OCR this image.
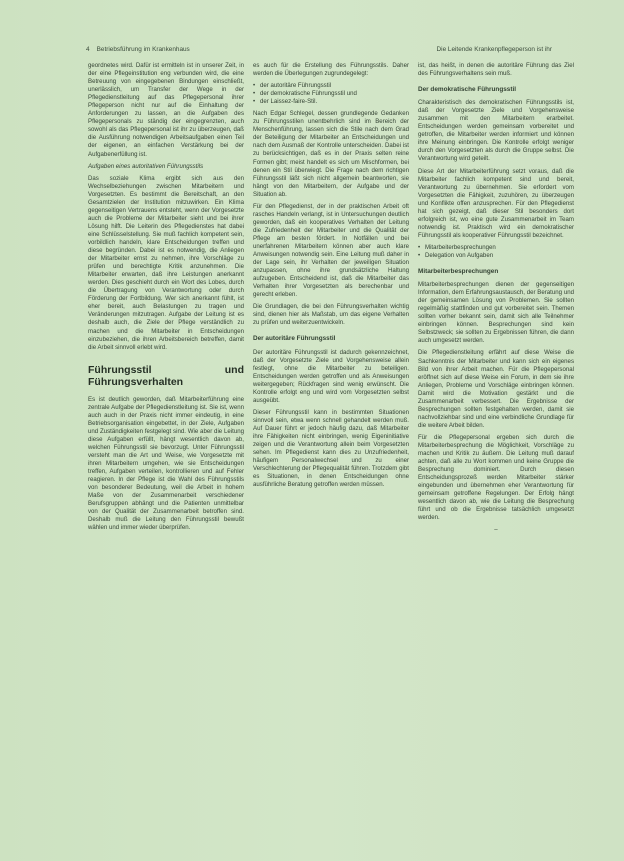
4 Betriebsführung im Krankenhaus	Die Leitende Krankenpflegeperson ist ihr

geordnetes wird. Dafür ist ermitteln ist in unserer Zeit, in der eine Pflegeinstitution eng verbunden wird, die eine Betreuung von eingegebenen Bindungen einschließt, unerlässlich, um Transfer der Wege in der Pflegedienstleitung auf das Pflegepersonal ihrer Pflegeperson nicht nur auf die Einhaltung der Anforderungen zu lassen, an die Aufgaben des Pflegepersonals zu ständig der eingegrenzten, auch sowohl als das Pflegepersonal ist ihr zu überzeugen, daß die Ausführung notwendigen Arbeitsaufgaben einen Teil der eigenen, an einfachen Verstärkung bei der Aufgabenerfüllung ist.

Aufgaben eines autoritativen Führungsstils

Das soziale Klima ergibt sich aus den Wechselbeziehungen zwischen Mitarbeitern und Vorgesetzten. Es bestimmt die Bereitschaft, an den Gesamtzielen der Institution mitzuwirken. Ein Klima gegenseitigen Vertrauens entsteht, wenn der Vorgesetzte auch die Probleme der Mitarbeiter sieht und bei ihrer Lösung hilft. Die Leiterin des Pflegedienstes hat dabei eine Schlüsselstellung. Sie muß fachlich kompetent sein, vorbildlich handeln, klare Entscheidungen treffen und diese begründen. Dabei ist es notwendig, die Anliegen der Mitarbeiter ernst zu nehmen, ihre Vorschläge zu prüfen und berechtigte Kritik anzunehmen. Die Mitarbeiter erwarten, daß ihre Leistungen anerkannt werden. Dies geschieht durch ein Wort des Lobes, durch die Übertragung von Verantwortung oder durch Förderung der Fortbildung. Wer sich anerkannt fühlt, ist eher bereit, auch Belastungen zu tragen und Veränderungen mitzutragen. Aufgabe der Leitung ist es deshalb auch, die Ziele der Pflege verständlich zu machen und die Mitarbeiter in Entscheidungen einzubeziehen, die ihren Arbeitsbereich betreffen, damit die Arbeit sinnvoll erlebt wird.

Führungsstil und Führungsverhalten

Es ist deutlich geworden, daß Mitarbeiterführung eine zentrale Aufgabe der Pflegedienstleitung ist. Sie ist, wenn auch auch in der Praxis nicht immer eindeutig, in eine Betriebsorganisation eingebettet, in der Ziele, Aufgaben und Zuständigkeiten festgelegt sind. Wie aber die Leitung diese Aufgaben erfüllt, hängt wesentlich davon ab, welchen Führungsstil sie bevorzugt. Unter Führungsstil versteht man die Art und Weise, wie Vorgesetzte mit ihren Mitarbeitern umgehen, wie sie Entscheidungen treffen, Aufgaben verteilen, kontrollieren und auf Fehler reagieren. In der Pflege ist die Wahl des Führungsstils von besonderer Bedeutung, weil die Arbeit in hohem Maße von der Zusammenarbeit verschiedener Berufsgruppen abhängt und die Patienten unmittelbar von der Qualität der Zusammenarbeit betroffen sind. Deshalb muß die Leitung den Führungsstil bewußt wählen und immer wieder überprüfen.

es auch für die Erstellung des Führungsstils. Daher werden die Überlegungen zugrundegelegt:

• der autoritäre Führungsstil
• der demokratische Führungsstil und
• der Laissez-faire-Stil.

Nach Edgar Schlegel, dessen grundlegende Gedanken zu Führungsstilen unentbehrlich sind im Bereich der Menschenführung, lassen sich die Stile nach dem Grad der Beteiligung der Mitarbeiter an Entscheidungen und nach dem Ausmaß der Kontrolle unterscheiden. Dabei ist zu berücksichtigen, daß es in der Praxis selten reine Formen gibt; meist handelt es sich um Mischformen, bei denen ein Stil überwiegt. Die Frage nach dem richtigen Führungsstil läßt sich nicht allgemein beantworten, sie hängt von den Mitarbeitern, der Aufgabe und der Situation ab.

Für den Pflegedienst, der in der praktischen Arbeit oft rasches Handeln verlangt, ist in Untersuchungen deutlich geworden, daß ein kooperatives Verhalten der Leitung die Zufriedenheit der Mitarbeiter und die Qualität der Pflege am besten fördert. In Notfällen und bei unerfahrenen Mitarbeitern können aber auch klare Anweisungen notwendig sein. Eine Leitung muß daher in der Lage sein, ihr Verhalten der jeweiligen Situation anzupassen, ohne ihre grundsätzliche Haltung aufzugeben. Entscheidend ist, daß die Mitarbeiter das Verhalten ihrer Vorgesetzten als berechenbar und gerecht erleben.

Die Grundlagen, die bei den Führungsverhalten wichtig sind, dienen hier als Maßstab, um das eigene Verhalten zu prüfen und weiterzuentwickeln.

Der autoritäre Führungsstil

Der autoritäre Führungsstil ist dadurch gekennzeichnet, daß der Vorgesetzte Ziele und Vorgehensweise allein festlegt, ohne die Mitarbeiter zu beteiligen. Entscheidungen werden getroffen und als Anweisungen weitergegeben; Rückfragen sind wenig erwünscht. Die Kontrolle erfolgt eng und wird vom Vorgesetzten selbst ausgeübt.

Dieser Führungsstil kann in bestimmten Situationen sinnvoll sein, etwa wenn schnell gehandelt werden muß. Auf Dauer führt er jedoch häufig dazu, daß Mitarbeiter ihre Fähigkeiten nicht einbringen, wenig Eigeninitiative zeigen und die Verantwortung allein beim Vorgesetzten sehen. Im Pflegedienst kann dies zu Unzufriedenheit, häufigem Personalwechsel und zu einer Verschlechterung der Pflegequalität führen. Trotzdem gibt es Situationen, in denen Entscheidungen ohne ausführliche Beratung getroffen werden müssen.

ist, das heißt, in denen die autoritäre Führung das Ziel des Führungsverhaltens sein muß.

Der demokratische Führungsstil

Charakteristisch des demokratischen Führungsstils ist, daß der Vorgesetzte Ziele und Vorgehensweise zusammen mit den Mitarbeitern erarbeitet. Entscheidungen werden gemeinsam vorbereitet und getroffen, die Mitarbeiter werden informiert und können ihre Meinung einbringen. Die Kontrolle erfolgt weniger durch den Vorgesetzten als durch die Gruppe selbst. Die Verantwortung wird geteilt.

Diese Art der Mitarbeiterführung setzt voraus, daß die Mitarbeiter fachlich kompetent sind und bereit, Verantwortung zu übernehmen. Sie erfordert vom Vorgesetzten die Fähigkeit, zuzuhören, zu überzeugen und Konflikte offen anzusprechen. Für den Pflegedienst hat sich gezeigt, daß dieser Stil besonders dort erfolgreich ist, wo eine gute Zusammenarbeit im Team notwendig ist. Praktisch wird ein demokratischer Führungsstil als kooperativer Führungsstil bezeichnet.

• Mitarbeiterbesprechungen
• Delegation von Aufgaben
Mitarbeiterbesprechungen

Mitarbeiterbesprechungen dienen der gegenseitigen Information, dem Erfahrungsaustausch, der Beratung und der gemeinsamen Lösung von Problemen. Sie sollten regelmäßig stattfinden und gut vorbereitet sein. Themen sollten vorher bekannt sein, damit sich alle Teilnehmer einbringen können. Besprechungen sind kein Selbstzweck; sie sollten zu Ergebnissen führen, die dann auch umgesetzt werden.

Die Pflegedienstleitung erfährt auf diese Weise die Sachkenntnis der Mitarbeiter und kann sich ein eigenes Bild von ihrer Arbeit machen. Für die Pflegepersonal eröffnet sich auf diese Weise ein Forum, in dem sie ihre Anliegen, Probleme und Vorschläge einbringen können. Damit wird die Motivation gestärkt und die Zusammenarbeit verbessert. Die Ergebnisse der Besprechungen sollten festgehalten werden, damit sie nachvollziehbar sind und eine verbindliche Grundlage für die weitere Arbeit bilden.

Für die Pflegepersonal ergeben sich durch die Mitarbeiterbesprechung die Möglichkeit, Vorschläge zu machen und Kritik zu äußern. Die Leitung muß darauf achten, daß alle zu Wort kommen und keine Gruppe die Besprechung dominiert. Durch diesen Entscheidungsprozeß werden Mitarbeiter stärker eingebunden und übernehmen eher Verantwortung für gemeinsam getroffene Regelungen. Der Erfolg hängt wesentlich davon ab, wie die Leitung die Besprechung führt und ob die Ergebnisse tatsächlich umgesetzt werden.

–
